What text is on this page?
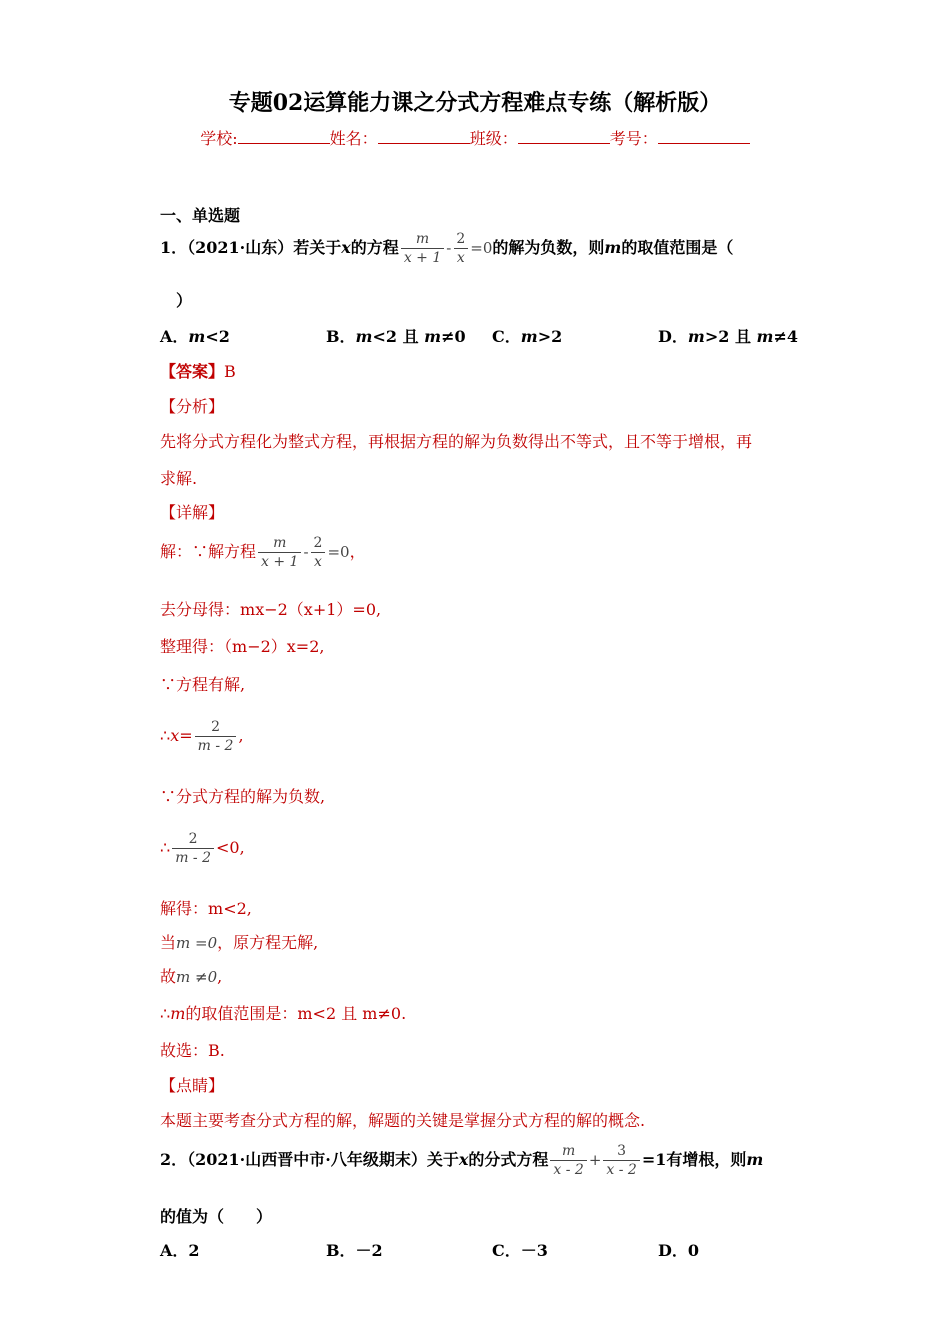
专题02运算能力课之分式方程难点专练（解析版）
学校:	姓名：	班级：	考号：
一、单选题
1．（2021·山东）若关于x的方程 $\frac{m}{x + 1} - \frac{2}{x} =0$的解为负数，则m的取值范围是（
）
A．m<2	B．m<2 且 m≠0 C．m>2	D．m>2 且 m≠4
【答案】B
【分析】
先将分式方程化为整式方程，再根据方程的解为负数得出不等式，且不等于增根，再
求解.
【详解】
解：∵解方程 $\frac{m}{x + 1} - \frac{2}{x} =0$，
去分母得：mx−2（x+1）=0,
整理得：（m−2）x=2,
∵方程有解,
∴x= $\frac{2}{m - 2}$ ,
∵分式方程的解为负数,
∴ $\frac{2}{m - 2} <0$,
解得：m<2,
当m =0，原方程无解,
故m ≠0,
∴m的取值范围是：m<2 且 m≠0.
故选：B.
【点睛】
本题主要考查分式方程的解，解题的关键是掌握分式方程的解的概念.
2．（2021·山西晋中市·八年级期末）关于x的分式方程 $\frac{m}{x - 2} + \frac{3}{x - 2} =1$有增根，则m
的值为（　　）
A．2	B．－2	C．－3	D．0
